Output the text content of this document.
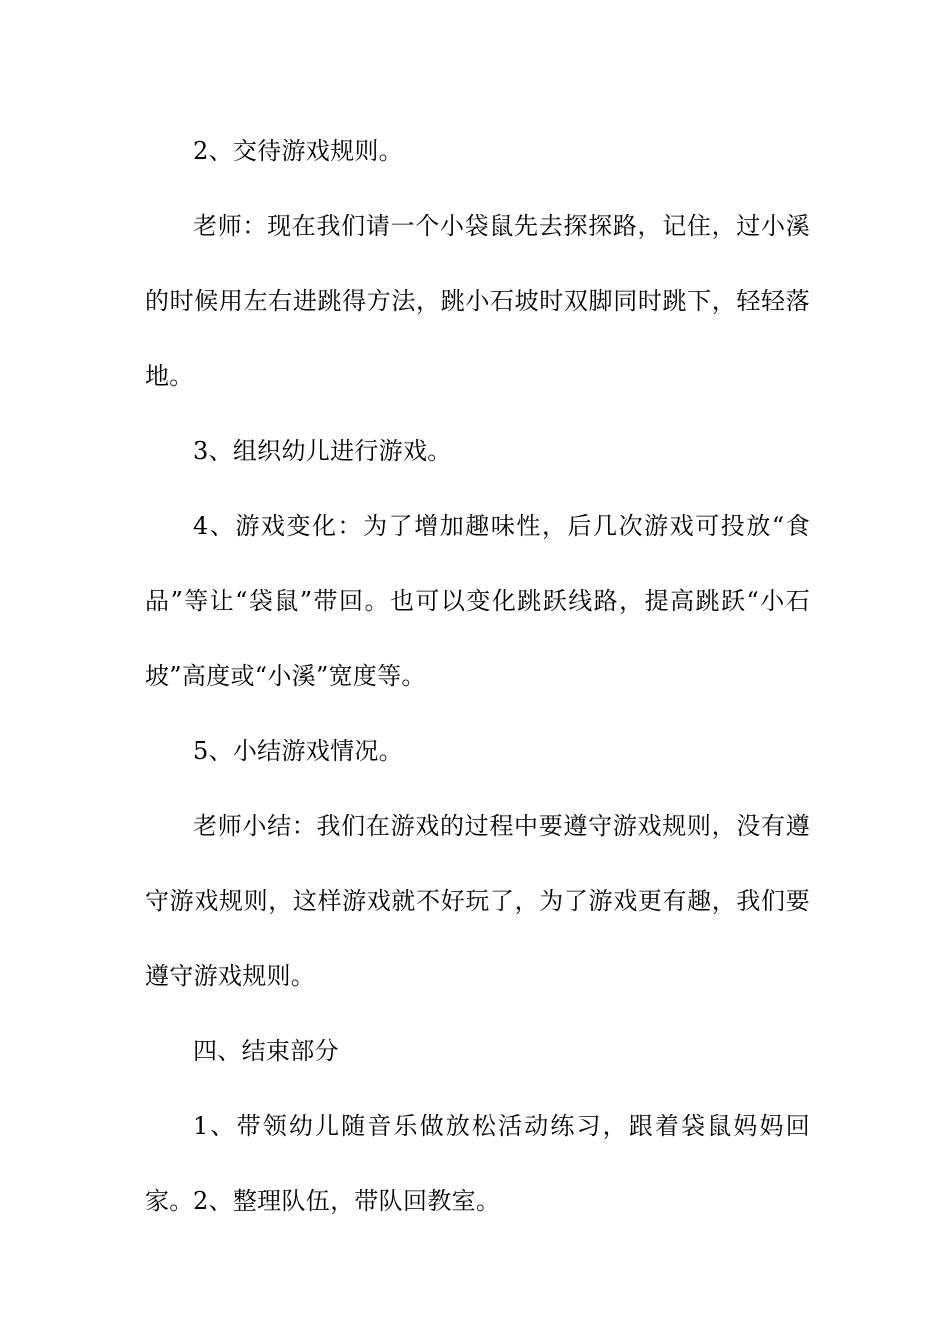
2、交待游戏规则。

老师：现在我们请一个小袋鼠先去探探路，记住，过小溪的时候用左右进跳得方法，跳小石坡时双脚同时跳下，轻轻落地。

3、组织幼儿进行游戏。

4、游戏变化：为了增加趣味性，后几次游戏可投放“食品”等让“袋鼠”带回。也可以变化跳跃线路，提高跳跃“小石坡”高度或“小溪”宽度等。

5、小结游戏情况。

老师小结：我们在游戏的过程中要遵守游戏规则，没有遵守游戏规则，这样游戏就不好玩了，为了游戏更有趣，我们要遵守游戏规则。

四、结束部分

1、带领幼儿随音乐做放松活动练习，跟着袋鼠妈妈回家。 2、整理队伍，带队回教室。
